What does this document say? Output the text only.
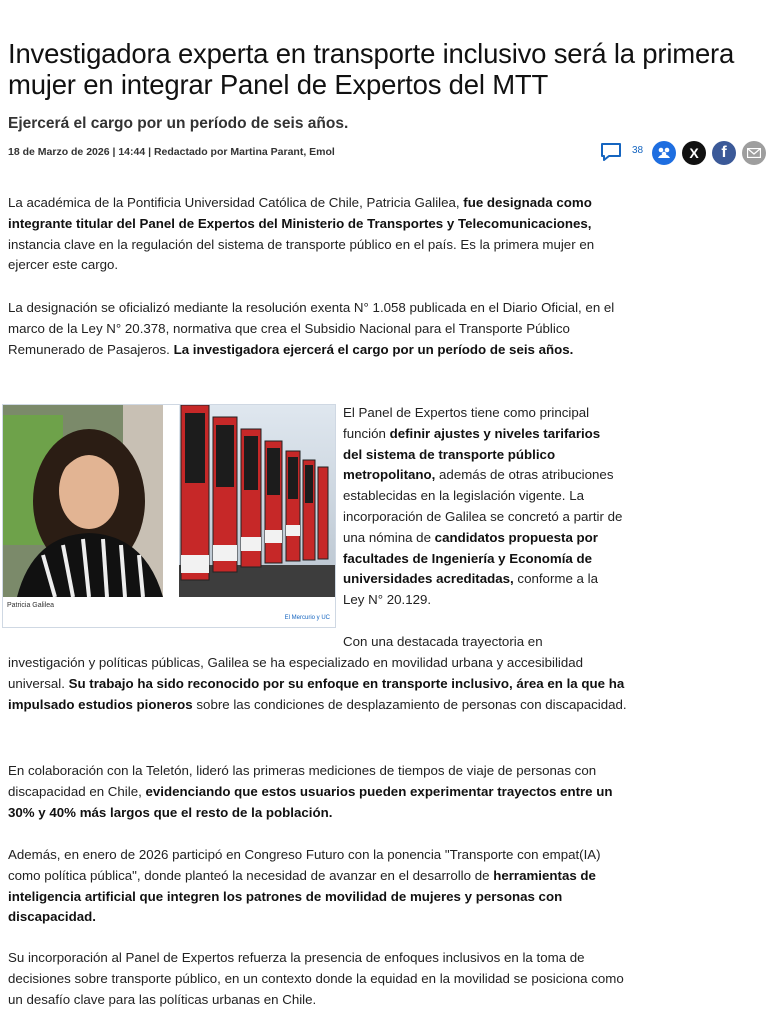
Investigadora experta en transporte inclusivo será la primera mujer en integrar Panel de Expertos del MTT
Ejercerá el cargo por un período de seis años.
18 de Marzo de 2026 | 14:44 | Redactado por Martina Parant, Emol	38	X	f

La académica de la Pontificia Universidad Católica de Chile, Patricia Galilea, fue designada como integrante titular del Panel de Expertos del Ministerio de Transportes y Telecomunicaciones, instancia clave en la regulación del sistema de transporte público en el país. Es la primera mujer en ejercer este cargo.

La designación se oficializó mediante la resolución exenta N° 1.058 publicada en el Diario Oficial, en el marco de la Ley N° 20.378, normativa que crea el Subsidio Nacional para el Transporte Público Remunerado de Pasajeros. La investigadora ejercerá el cargo por un período de seis años.

Patricia Galilea
El Mercurio y UC

El Panel de Expertos tiene como principal función definir ajustes y niveles tarifarios del sistema de transporte público metropolitano, además de otras atribuciones establecidas en la legislación vigente. La incorporación de Galilea se concretó a partir de una nómina de candidatos propuesta por facultades de Ingeniería y Economía de universidades acreditadas, conforme a la Ley N° 20.129.

Con una destacada trayectoria en

investigación y políticas públicas, Galilea se ha especializado en movilidad urbana y accesibilidad universal. Su trabajo ha sido reconocido por su enfoque en transporte inclusivo, área en la que ha impulsado estudios pioneros sobre las condiciones de desplazamiento de personas con discapacidad.

En colaboración con la Teletón, lideró las primeras mediciones de tiempos de viaje de personas con discapacidad en Chile, evidenciando que estos usuarios pueden experimentar trayectos entre un 30% y 40% más largos que el resto de la población.

Además, en enero de 2026 participó en Congreso Futuro con la ponencia "Transporte con empat(IA) como política pública", donde planteó la necesidad de avanzar en el desarrollo de herramientas de inteligencia artificial que integren los patrones de movilidad de mujeres y personas con discapacidad.

Su incorporación al Panel de Expertos refuerza la presencia de enfoques inclusivos en la toma de decisiones sobre transporte público, en un contexto donde la equidad en la movilidad se posiciona como un desafío clave para las políticas urbanas en Chile.
